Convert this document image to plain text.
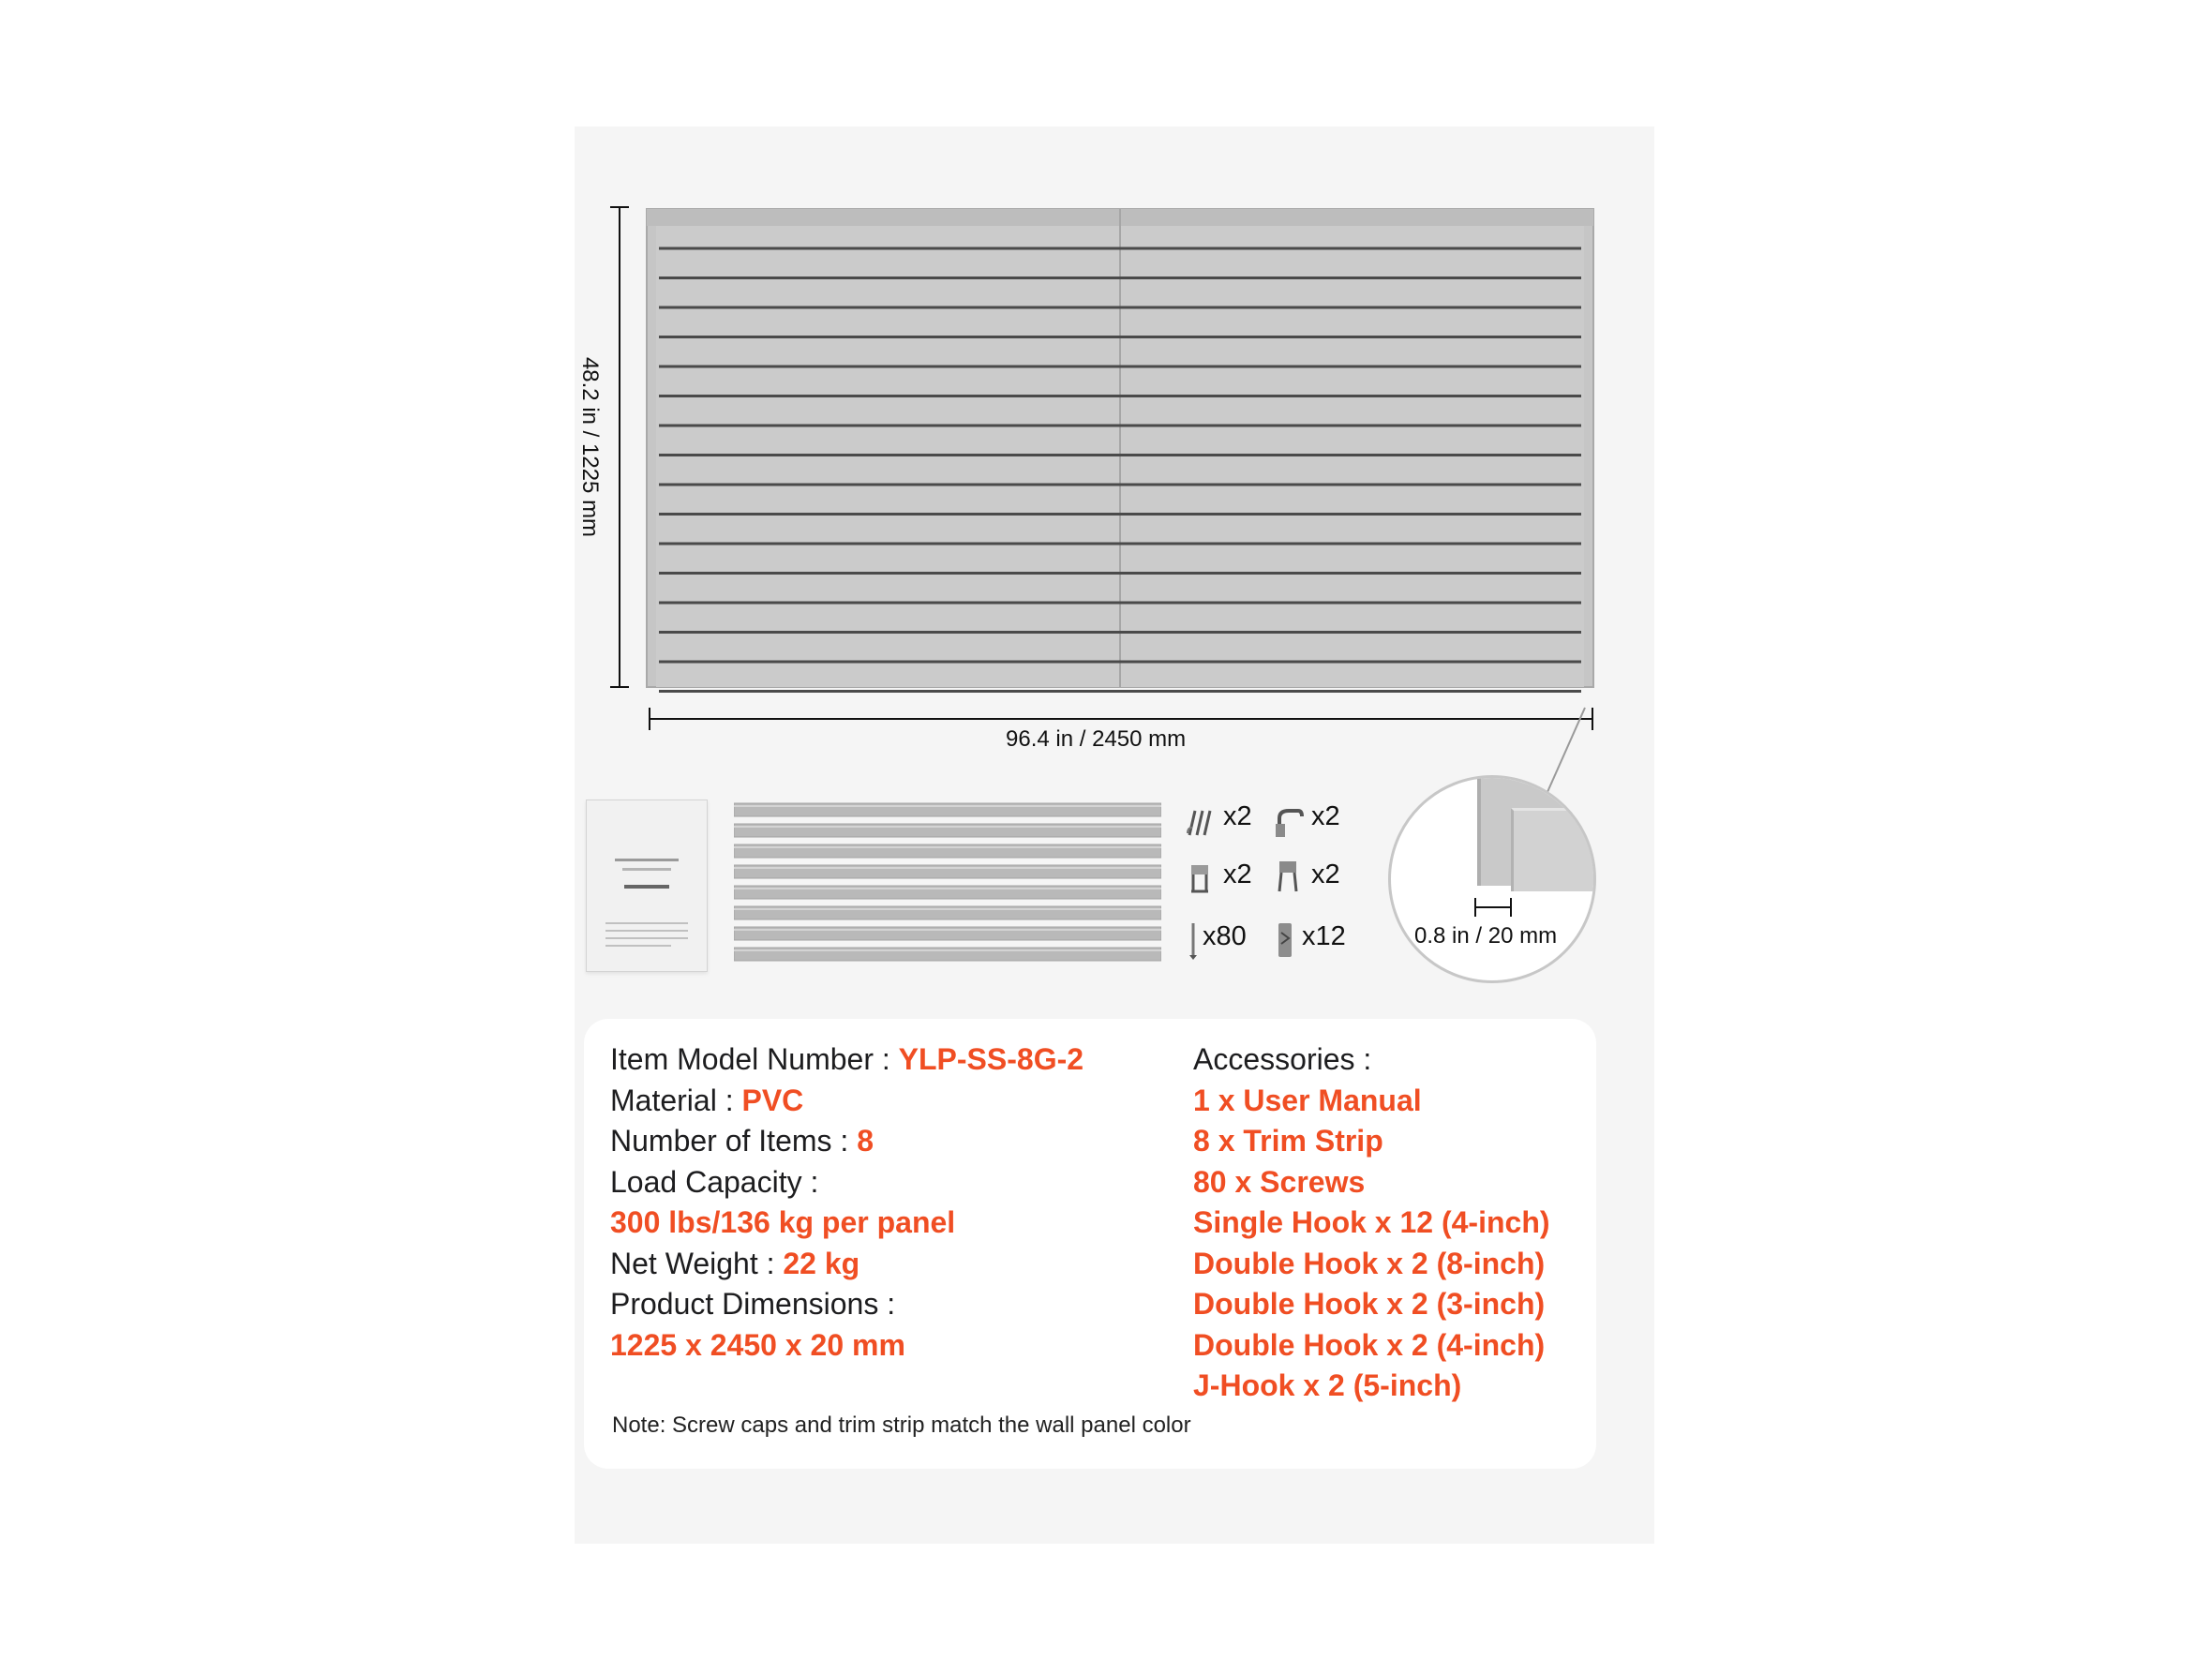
48.2 in / 1225 mm
96.4 in / 2450 mm
x2 x2
x2 x2
x80 x12	0.8 in / 20 mm
Item Model Number : YLP-SS-8G-2
Material : PVC
Number of Items : 8
Load Capacity :
300 lbs/136 kg per panel
Net Weight : 22 kg
Product Dimensions :
1225 x 2450 x 20 mm
Accessories :
1 x User Manual
8 x Trim Strip
80 x Screws
Single Hook x 12 (4-inch)
Double Hook x 2 (8-inch)
Double Hook x 2 (3-inch)
Double Hook x 2 (4-inch)
J-Hook x 2 (5-inch)
Note: Screw caps and trim strip match the wall panel color
